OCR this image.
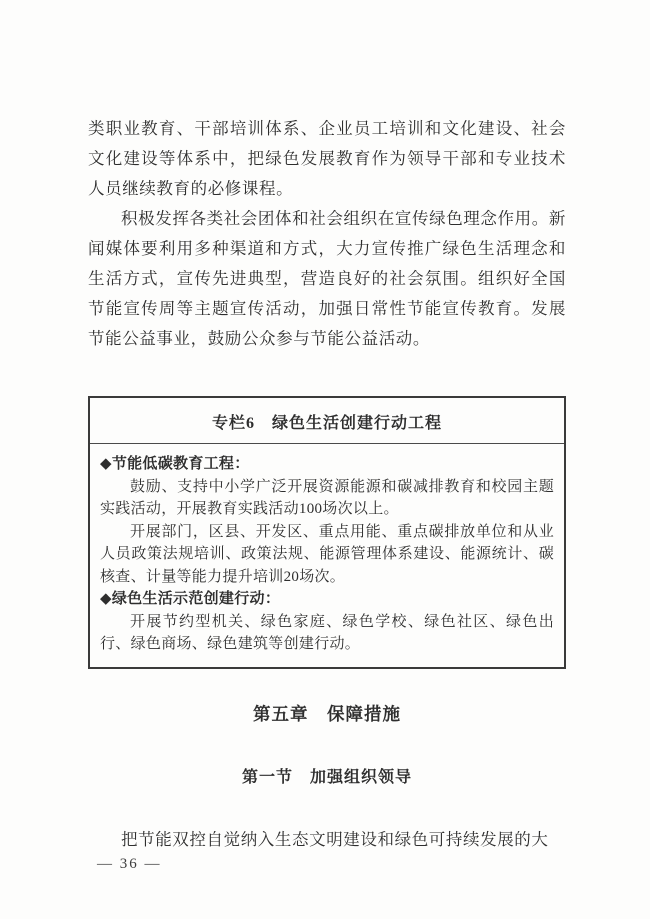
类职业教育、干部培训体系、企业员工培训和文化建设、社会文化建设等体系中，把绿色发展教育作为领导干部和专业技术人员继续教育的必修课程。

积极发挥各类社会团体和社会组织在宣传绿色理念作用。新闻媒体要利用多种渠道和方式，大力宣传推广绿色生活理念和生活方式，宣传先进典型，营造良好的社会氛围。组织好全国节能宣传周等主题宣传活动，加强日常性节能宣传教育。发展节能公益事业，鼓励公众参与节能公益活动。

专栏6　绿色生活创建行动工程

◆节能低碳教育工程：

鼓励、支持中小学广泛开展资源能源和碳减排教育和校园主题实践活动，开展教育实践活动100场次以上。

开展部门，区县、开发区、重点用能、重点碳排放单位和从业人员政策法规培训、政策法规、能源管理体系建设、能源统计、碳核查、计量等能力提升培训20场次。

◆绿色生活示范创建行动：

开展节约型机关、绿色家庭、绿色学校、绿色社区、绿色出行、绿色商场、绿色建筑等创建行动。

第五章　保障措施
第一节　加强组织领导

把节能双控自觉纳入生态文明建设和绿色可持续发展的大

— 36 —
